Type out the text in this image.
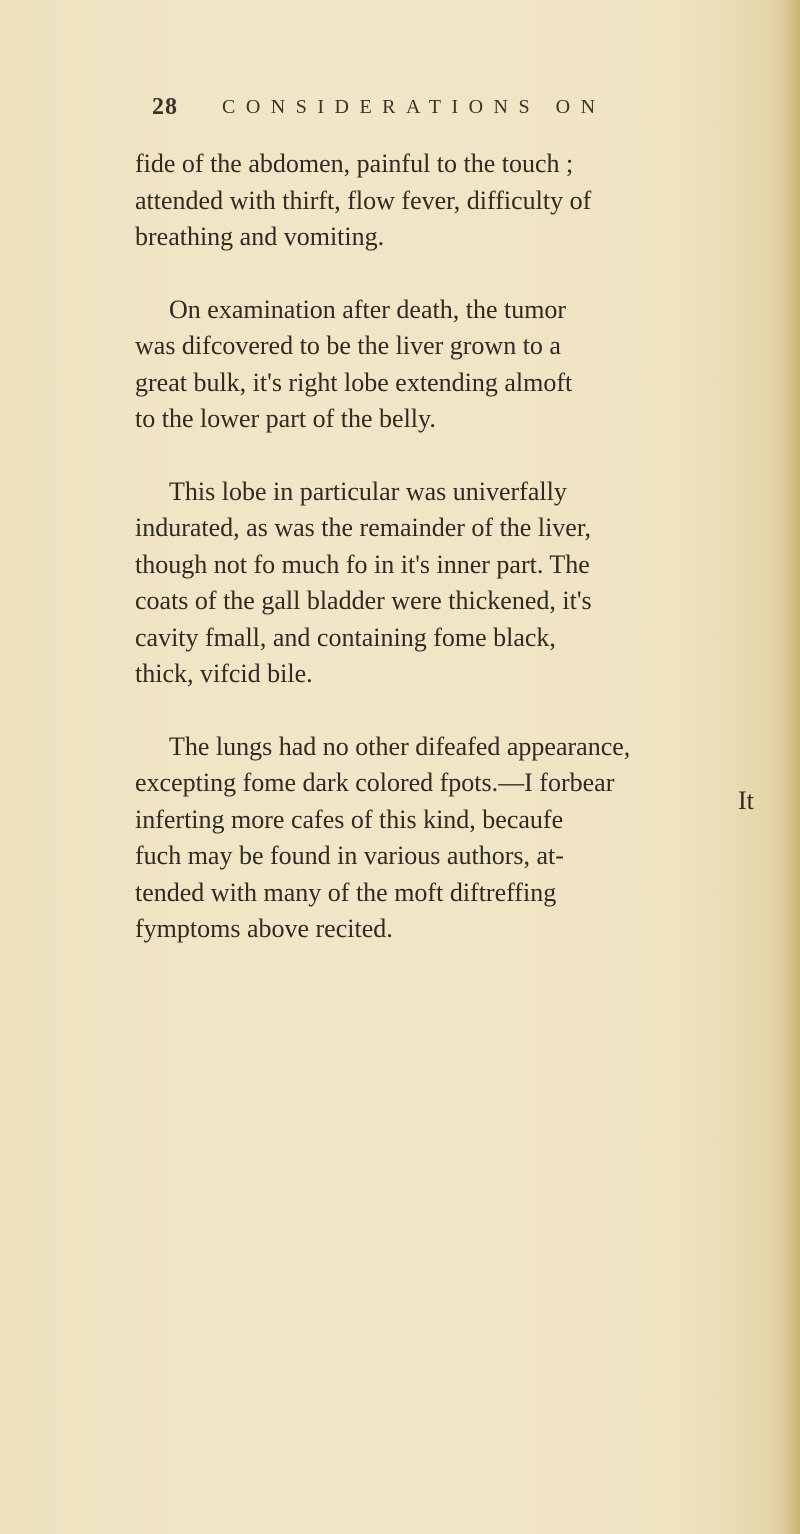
28 CONSIDERATIONS ON
fide of the abdomen, painful to the touch ;
attended with thirft, flow fever, difficulty of
breathing and vomiting.
On examination after death, the tumor
was difcovered to be the liver grown to a
great bulk, it's right lobe extending almoft
to the lower part of the belly.
This lobe in particular was univerfally
indurated, as was the remainder of the liver,
though not fo much fo in it's inner part. The
coats of the gall bladder were thickened, it's
cavity fmall, and containing fome black,
thick, vifcid bile.
The lungs had no other difeafed appearance,
excepting fome dark colored fpots.—I forbear
inferting more cafes of this kind, becaufe
fuch may be found in various authors, at-
tended with many of the moft diftreffing
fymptoms above recited.
It
